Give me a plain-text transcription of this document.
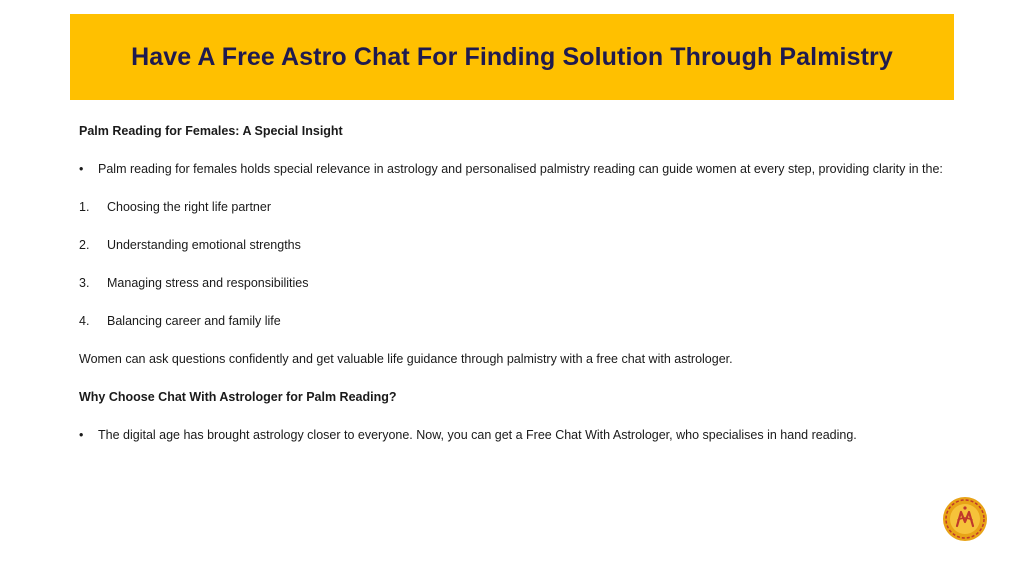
Have A Free Astro Chat For Finding Solution Through Palmistry
Palm Reading for Females: A Special Insight
• Palm reading for females holds special relevance in astrology and personalised palmistry reading can guide women at every step, providing clarity in the:
1. Choosing the right life partner
2. Understanding emotional strengths
3. Managing stress and responsibilities
4. Balancing career and family life
Women can ask questions confidently and get valuable life guidance through palmistry with a free chat with astrologer.
Why Choose Chat With Astrologer for Palm Reading?
• The digital age has brought astrology closer to everyone. Now, you can get a Free Chat With Astrologer, who specialises in hand reading.
